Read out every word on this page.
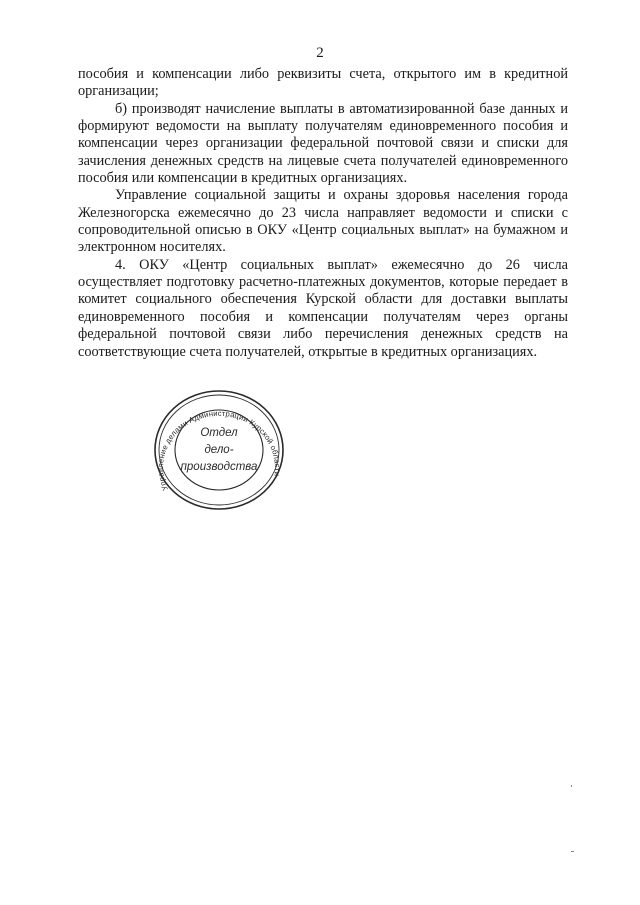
2

пособия и компенсации либо реквизиты счета, открытого им в кредитной организации;

б) производят начисление выплаты в автоматизированной базе данных и формируют ведомости на выплату получателям единовременного пособия и компенсации через организации федеральной почтовой связи и списки для зачисления денежных средств на лицевые счета получателей единовременного пособия или компенсации в кредитных организациях.

Управление социальной защиты и охраны здоровья населения города Железногорска ежемесячно до 23 числа направляет ведомости и списки с сопроводительной описью в ОКУ «Центр социальных выплат» на бумажном и электронном носителях.

4. ОКУ «Центр социальных выплат» ежемесячно до 26 числа осуществляет подготовку расчетно-платежных документов, которые передает в комитет социального обеспечения Курской области для доставки выплаты единовременного пособия и компенсации получателям через органы федеральной почтовой связи либо перечисления денежных средств на соответствующие счета получателей, открытые в кредитных организациях.

Управление делами Администрации Курской области
Отдел
дело-
производства
